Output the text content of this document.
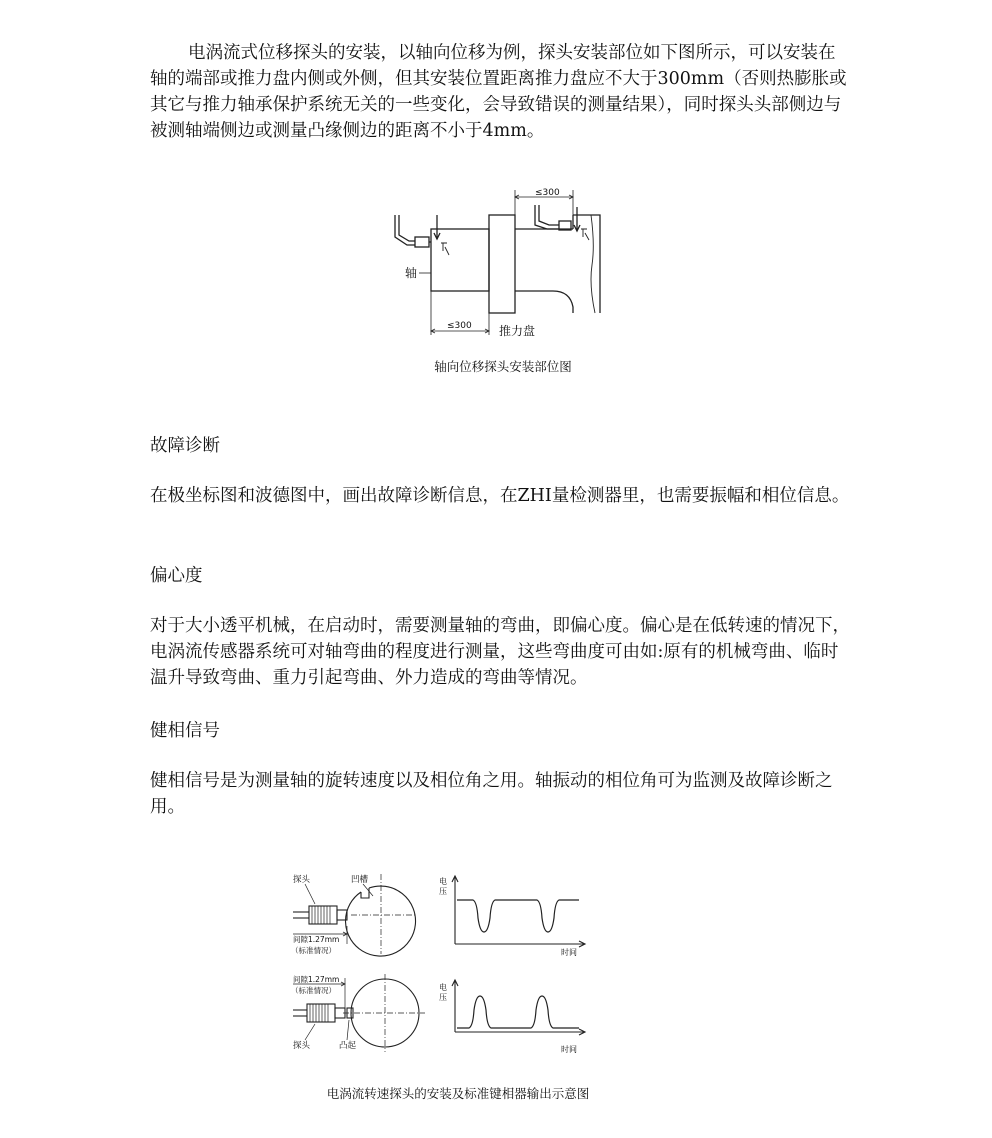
电涡流式位移探头的安装，以轴向位移为例，探头安装部位如下图所示，可以安装在轴的端部或推力盘内侧或外侧，但其安装位置距离推力盘应不大于300mm（否则热膨胀或其它与推力轴承保护系统无关的一些变化，会导致错误的测量结果），同时探头头部侧边与被测轴端侧边或测量凸缘侧边的距离不小于4mm。

≤300
≤300
轴
推力盘

轴向位移探头安装部位图

故障诊断

在极坐标图和波德图中，画出故障诊断信息，在ZHI量检测器里，也需要振幅和相位信息。

偏心度

对于大小透平机械，在启动时，需要测量轴的弯曲，即偏心度。偏心是在低转速的情况下，电涡流传感器系统可对轴弯曲的程度进行测量，这些弯曲度可由如:原有的机械弯曲、临时温升导致弯曲、重力引起弯曲、外力造成的弯曲等情况。

健相信号

健相信号是为测量轴的旋转速度以及相位角之用。轴振动的相位角可为监测及故障诊断之用。

探头	凹槽
间隙1.27mm
（标准情况）
电
压
时间
间隙1.27mm
（标准情况）
探头	凸起
电
压
时间

电涡流转速探头的安装及标准键相器输出示意图
